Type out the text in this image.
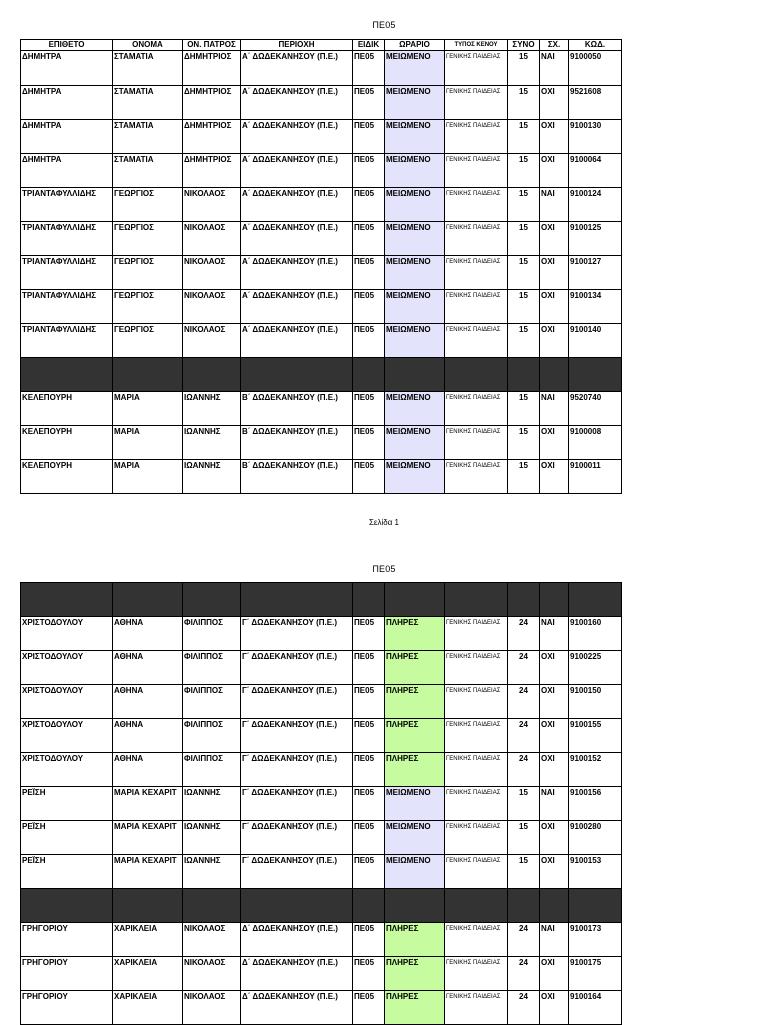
ΠΕ05
ΕΠΙΘΕΤΟ	ΟΝΟΜΑ	ΟΝ. ΠΑΤΡΟΣ	ΠΕΡΙΟΧΗ	ΕΙΔΙΚ	ΩΡΑΡΙΟ	ΤΥΠΟΣ ΚΕΝΟΥ	ΣΥΝΟ	ΣΧ.	ΚΩΔ.
ΔΗΜΗΤΡΑ	ΣΤΑΜΑΤΙΑ	ΔΗΜΗΤΡΙΟΣ	Α΄ ΔΩΔΕΚΑΝΗΣΟΥ (Π.Ε.)	ΠΕ05	ΜΕΙΩΜΕΝΟ	ΓΕΝΙΚΗΣ ΠΑΙΔΕΙΑΣ	15	ΝΑΙ	9100050
ΔΗΜΗΤΡΑ	ΣΤΑΜΑΤΙΑ	ΔΗΜΗΤΡΙΟΣ	Α΄ ΔΩΔΕΚΑΝΗΣΟΥ (Π.Ε.)	ΠΕ05	ΜΕΙΩΜΕΝΟ	ΓΕΝΙΚΗΣ ΠΑΙΔΕΙΑΣ	15	ΟΧΙ	9521608
ΔΗΜΗΤΡΑ	ΣΤΑΜΑΤΙΑ	ΔΗΜΗΤΡΙΟΣ	Α΄ ΔΩΔΕΚΑΝΗΣΟΥ (Π.Ε.)	ΠΕ05	ΜΕΙΩΜΕΝΟ	ΓΕΝΙΚΗΣ ΠΑΙΔΕΙΑΣ	15	ΟΧΙ	9100130
ΔΗΜΗΤΡΑ	ΣΤΑΜΑΤΙΑ	ΔΗΜΗΤΡΙΟΣ	Α΄ ΔΩΔΕΚΑΝΗΣΟΥ (Π.Ε.)	ΠΕ05	ΜΕΙΩΜΕΝΟ	ΓΕΝΙΚΗΣ ΠΑΙΔΕΙΑΣ	15	ΟΧΙ	9100064
ΤΡΙΑΝΤΑΦΥΛΛΙΔΗΣ	ΓΕΩΡΓΙΟΣ	ΝΙΚΟΛΑΟΣ	Α΄ ΔΩΔΕΚΑΝΗΣΟΥ (Π.Ε.)	ΠΕ05	ΜΕΙΩΜΕΝΟ	ΓΕΝΙΚΗΣ ΠΑΙΔΕΙΑΣ	15	ΝΑΙ	9100124
ΤΡΙΑΝΤΑΦΥΛΛΙΔΗΣ	ΓΕΩΡΓΙΟΣ	ΝΙΚΟΛΑΟΣ	Α΄ ΔΩΔΕΚΑΝΗΣΟΥ (Π.Ε.)	ΠΕ05	ΜΕΙΩΜΕΝΟ	ΓΕΝΙΚΗΣ ΠΑΙΔΕΙΑΣ	15	ΟΧΙ	9100125
ΤΡΙΑΝΤΑΦΥΛΛΙΔΗΣ	ΓΕΩΡΓΙΟΣ	ΝΙΚΟΛΑΟΣ	Α΄ ΔΩΔΕΚΑΝΗΣΟΥ (Π.Ε.)	ΠΕ05	ΜΕΙΩΜΕΝΟ	ΓΕΝΙΚΗΣ ΠΑΙΔΕΙΑΣ	15	ΟΧΙ	9100127
ΤΡΙΑΝΤΑΦΥΛΛΙΔΗΣ	ΓΕΩΡΓΙΟΣ	ΝΙΚΟΛΑΟΣ	Α΄ ΔΩΔΕΚΑΝΗΣΟΥ (Π.Ε.)	ΠΕ05	ΜΕΙΩΜΕΝΟ	ΓΕΝΙΚΗΣ ΠΑΙΔΕΙΑΣ	15	ΟΧΙ	9100134
ΤΡΙΑΝΤΑΦΥΛΛΙΔΗΣ	ΓΕΩΡΓΙΟΣ	ΝΙΚΟΛΑΟΣ	Α΄ ΔΩΔΕΚΑΝΗΣΟΥ (Π.Ε.)	ΠΕ05	ΜΕΙΩΜΕΝΟ	ΓΕΝΙΚΗΣ ΠΑΙΔΕΙΑΣ	15	ΟΧΙ	9100140

ΚΕΛΕΠΟΥΡΗ	ΜΑΡΙΑ	ΙΩΑΝΝΗΣ	Β΄ ΔΩΔΕΚΑΝΗΣΟΥ (Π.Ε.)	ΠΕ05	ΜΕΙΩΜΕΝΟ	ΓΕΝΙΚΗΣ ΠΑΙΔΕΙΑΣ	15	ΝΑΙ	9520740
ΚΕΛΕΠΟΥΡΗ	ΜΑΡΙΑ	ΙΩΑΝΝΗΣ	Β΄ ΔΩΔΕΚΑΝΗΣΟΥ (Π.Ε.)	ΠΕ05	ΜΕΙΩΜΕΝΟ	ΓΕΝΙΚΗΣ ΠΑΙΔΕΙΑΣ	15	ΟΧΙ	9100008
ΚΕΛΕΠΟΥΡΗ	ΜΑΡΙΑ	ΙΩΑΝΝΗΣ	Β΄ ΔΩΔΕΚΑΝΗΣΟΥ (Π.Ε.)	ΠΕ05	ΜΕΙΩΜΕΝΟ	ΓΕΝΙΚΗΣ ΠΑΙΔΕΙΑΣ	15	ΟΧΙ	9100011
Σελίδα 1
ΠΕ05

ΧΡΙΣΤΟΔΟΥΛΟΥ	ΑΘΗΝΑ	ΦΙΛΙΠΠΟΣ	Γ΄ ΔΩΔΕΚΑΝΗΣΟΥ (Π.Ε.)	ΠΕ05	ΠΛΗΡΕΣ	ΓΕΝΙΚΗΣ ΠΑΙΔΕΙΑΣ	24	ΝΑΙ	9100160
ΧΡΙΣΤΟΔΟΥΛΟΥ	ΑΘΗΝΑ	ΦΙΛΙΠΠΟΣ	Γ΄ ΔΩΔΕΚΑΝΗΣΟΥ (Π.Ε.)	ΠΕ05	ΠΛΗΡΕΣ	ΓΕΝΙΚΗΣ ΠΑΙΔΕΙΑΣ	24	ΟΧΙ	9100225
ΧΡΙΣΤΟΔΟΥΛΟΥ	ΑΘΗΝΑ	ΦΙΛΙΠΠΟΣ	Γ΄ ΔΩΔΕΚΑΝΗΣΟΥ (Π.Ε.)	ΠΕ05	ΠΛΗΡΕΣ	ΓΕΝΙΚΗΣ ΠΑΙΔΕΙΑΣ	24	ΟΧΙ	9100150
ΧΡΙΣΤΟΔΟΥΛΟΥ	ΑΘΗΝΑ	ΦΙΛΙΠΠΟΣ	Γ΄ ΔΩΔΕΚΑΝΗΣΟΥ (Π.Ε.)	ΠΕ05	ΠΛΗΡΕΣ	ΓΕΝΙΚΗΣ ΠΑΙΔΕΙΑΣ	24	ΟΧΙ	9100155
ΧΡΙΣΤΟΔΟΥΛΟΥ	ΑΘΗΝΑ	ΦΙΛΙΠΠΟΣ	Γ΄ ΔΩΔΕΚΑΝΗΣΟΥ (Π.Ε.)	ΠΕ05	ΠΛΗΡΕΣ	ΓΕΝΙΚΗΣ ΠΑΙΔΕΙΑΣ	24	ΟΧΙ	9100152
ΡΕΪΣΗ	ΜΑΡΙΑ ΚΕΧΑΡΙΤ	ΙΩΑΝΝΗΣ	Γ΄ ΔΩΔΕΚΑΝΗΣΟΥ (Π.Ε.)	ΠΕ05	ΜΕΙΩΜΕΝΟ	ΓΕΝΙΚΗΣ ΠΑΙΔΕΙΑΣ	15	ΝΑΙ	9100156
ΡΕΪΣΗ	ΜΑΡΙΑ ΚΕΧΑΡΙΤ	ΙΩΑΝΝΗΣ	Γ΄ ΔΩΔΕΚΑΝΗΣΟΥ (Π.Ε.)	ΠΕ05	ΜΕΙΩΜΕΝΟ	ΓΕΝΙΚΗΣ ΠΑΙΔΕΙΑΣ	15	ΟΧΙ	9100280
ΡΕΪΣΗ	ΜΑΡΙΑ ΚΕΧΑΡΙΤ	ΙΩΑΝΝΗΣ	Γ΄ ΔΩΔΕΚΑΝΗΣΟΥ (Π.Ε.)	ΠΕ05	ΜΕΙΩΜΕΝΟ	ΓΕΝΙΚΗΣ ΠΑΙΔΕΙΑΣ	15	ΟΧΙ	9100153

ΓΡΗΓΟΡΙΟΥ	ΧΑΡΙΚΛΕΙΑ	ΝΙΚΟΛΑΟΣ	Δ΄ ΔΩΔΕΚΑΝΗΣΟΥ (Π.Ε.)	ΠΕ05	ΠΛΗΡΕΣ	ΓΕΝΙΚΗΣ ΠΑΙΔΕΙΑΣ	24	ΝΑΙ	9100173
ΓΡΗΓΟΡΙΟΥ	ΧΑΡΙΚΛΕΙΑ	ΝΙΚΟΛΑΟΣ	Δ΄ ΔΩΔΕΚΑΝΗΣΟΥ (Π.Ε.)	ΠΕ05	ΠΛΗΡΕΣ	ΓΕΝΙΚΗΣ ΠΑΙΔΕΙΑΣ	24	ΟΧΙ	9100175
ΓΡΗΓΟΡΙΟΥ	ΧΑΡΙΚΛΕΙΑ	ΝΙΚΟΛΑΟΣ	Δ΄ ΔΩΔΕΚΑΝΗΣΟΥ (Π.Ε.)	ΠΕ05	ΠΛΗΡΕΣ	ΓΕΝΙΚΗΣ ΠΑΙΔΕΙΑΣ	24	ΟΧΙ	9100164
